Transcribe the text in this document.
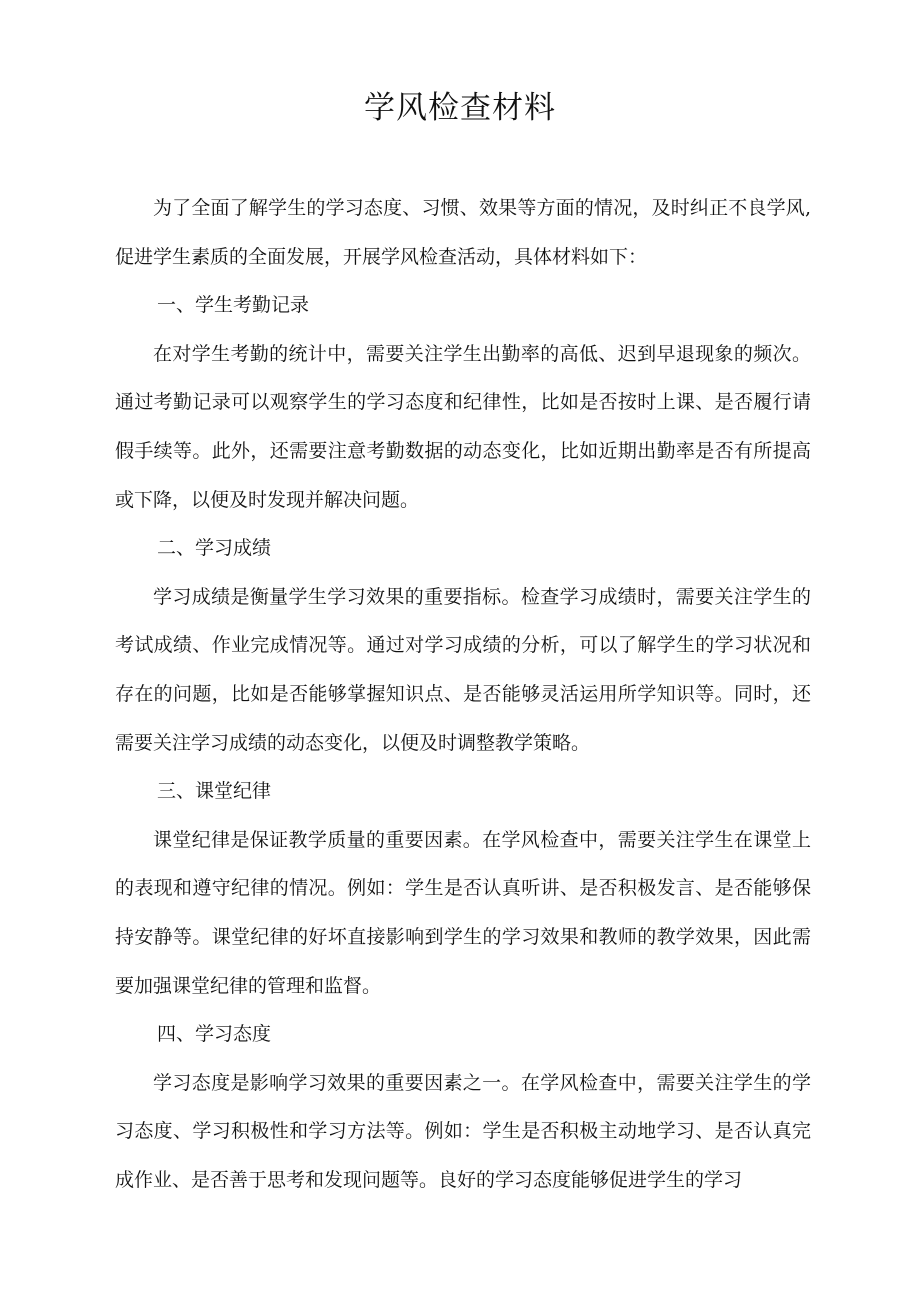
学风检查材料

为了全面了解学生的学习态度、习惯、效果等方面的情况，及时纠正不良学风,促进学生素质的全面发展，开展学风检查活动，具体材料如下：

一、学生考勤记录

在对学生考勤的统计中，需要关注学生出勤率的高低、迟到早退现象的频次。通过考勤记录可以观察学生的学习态度和纪律性，比如是否按时上课、是否履行请假手续等。此外，还需要注意考勤数据的动态变化，比如近期出勤率是否有所提高或下降，以便及时发现并解决问题。

二、学习成绩

学习成绩是衡量学生学习效果的重要指标。检查学习成绩时，需要关注学生的考试成绩、作业完成情况等。通过对学习成绩的分析，可以了解学生的学习状况和存在的问题，比如是否能够掌握知识点、是否能够灵活运用所学知识等。同时，还需要关注学习成绩的动态变化，以便及时调整教学策略。

三、课堂纪律

课堂纪律是保证教学质量的重要因素。在学风检查中，需要关注学生在课堂上的表现和遵守纪律的情况。例如：学生是否认真听讲、是否积极发言、是否能够保持安静等。课堂纪律的好坏直接影响到学生的学习效果和教师的教学效果，因此需要加强课堂纪律的管理和监督。

四、学习态度

学习态度是影响学习效果的重要因素之一。在学风检查中，需要关注学生的学习态度、学习积极性和学习方法等。例如：学生是否积极主动地学习、是否认真完成作业、是否善于思考和发现问题等。良好的学习态度能够促进学生的学习
